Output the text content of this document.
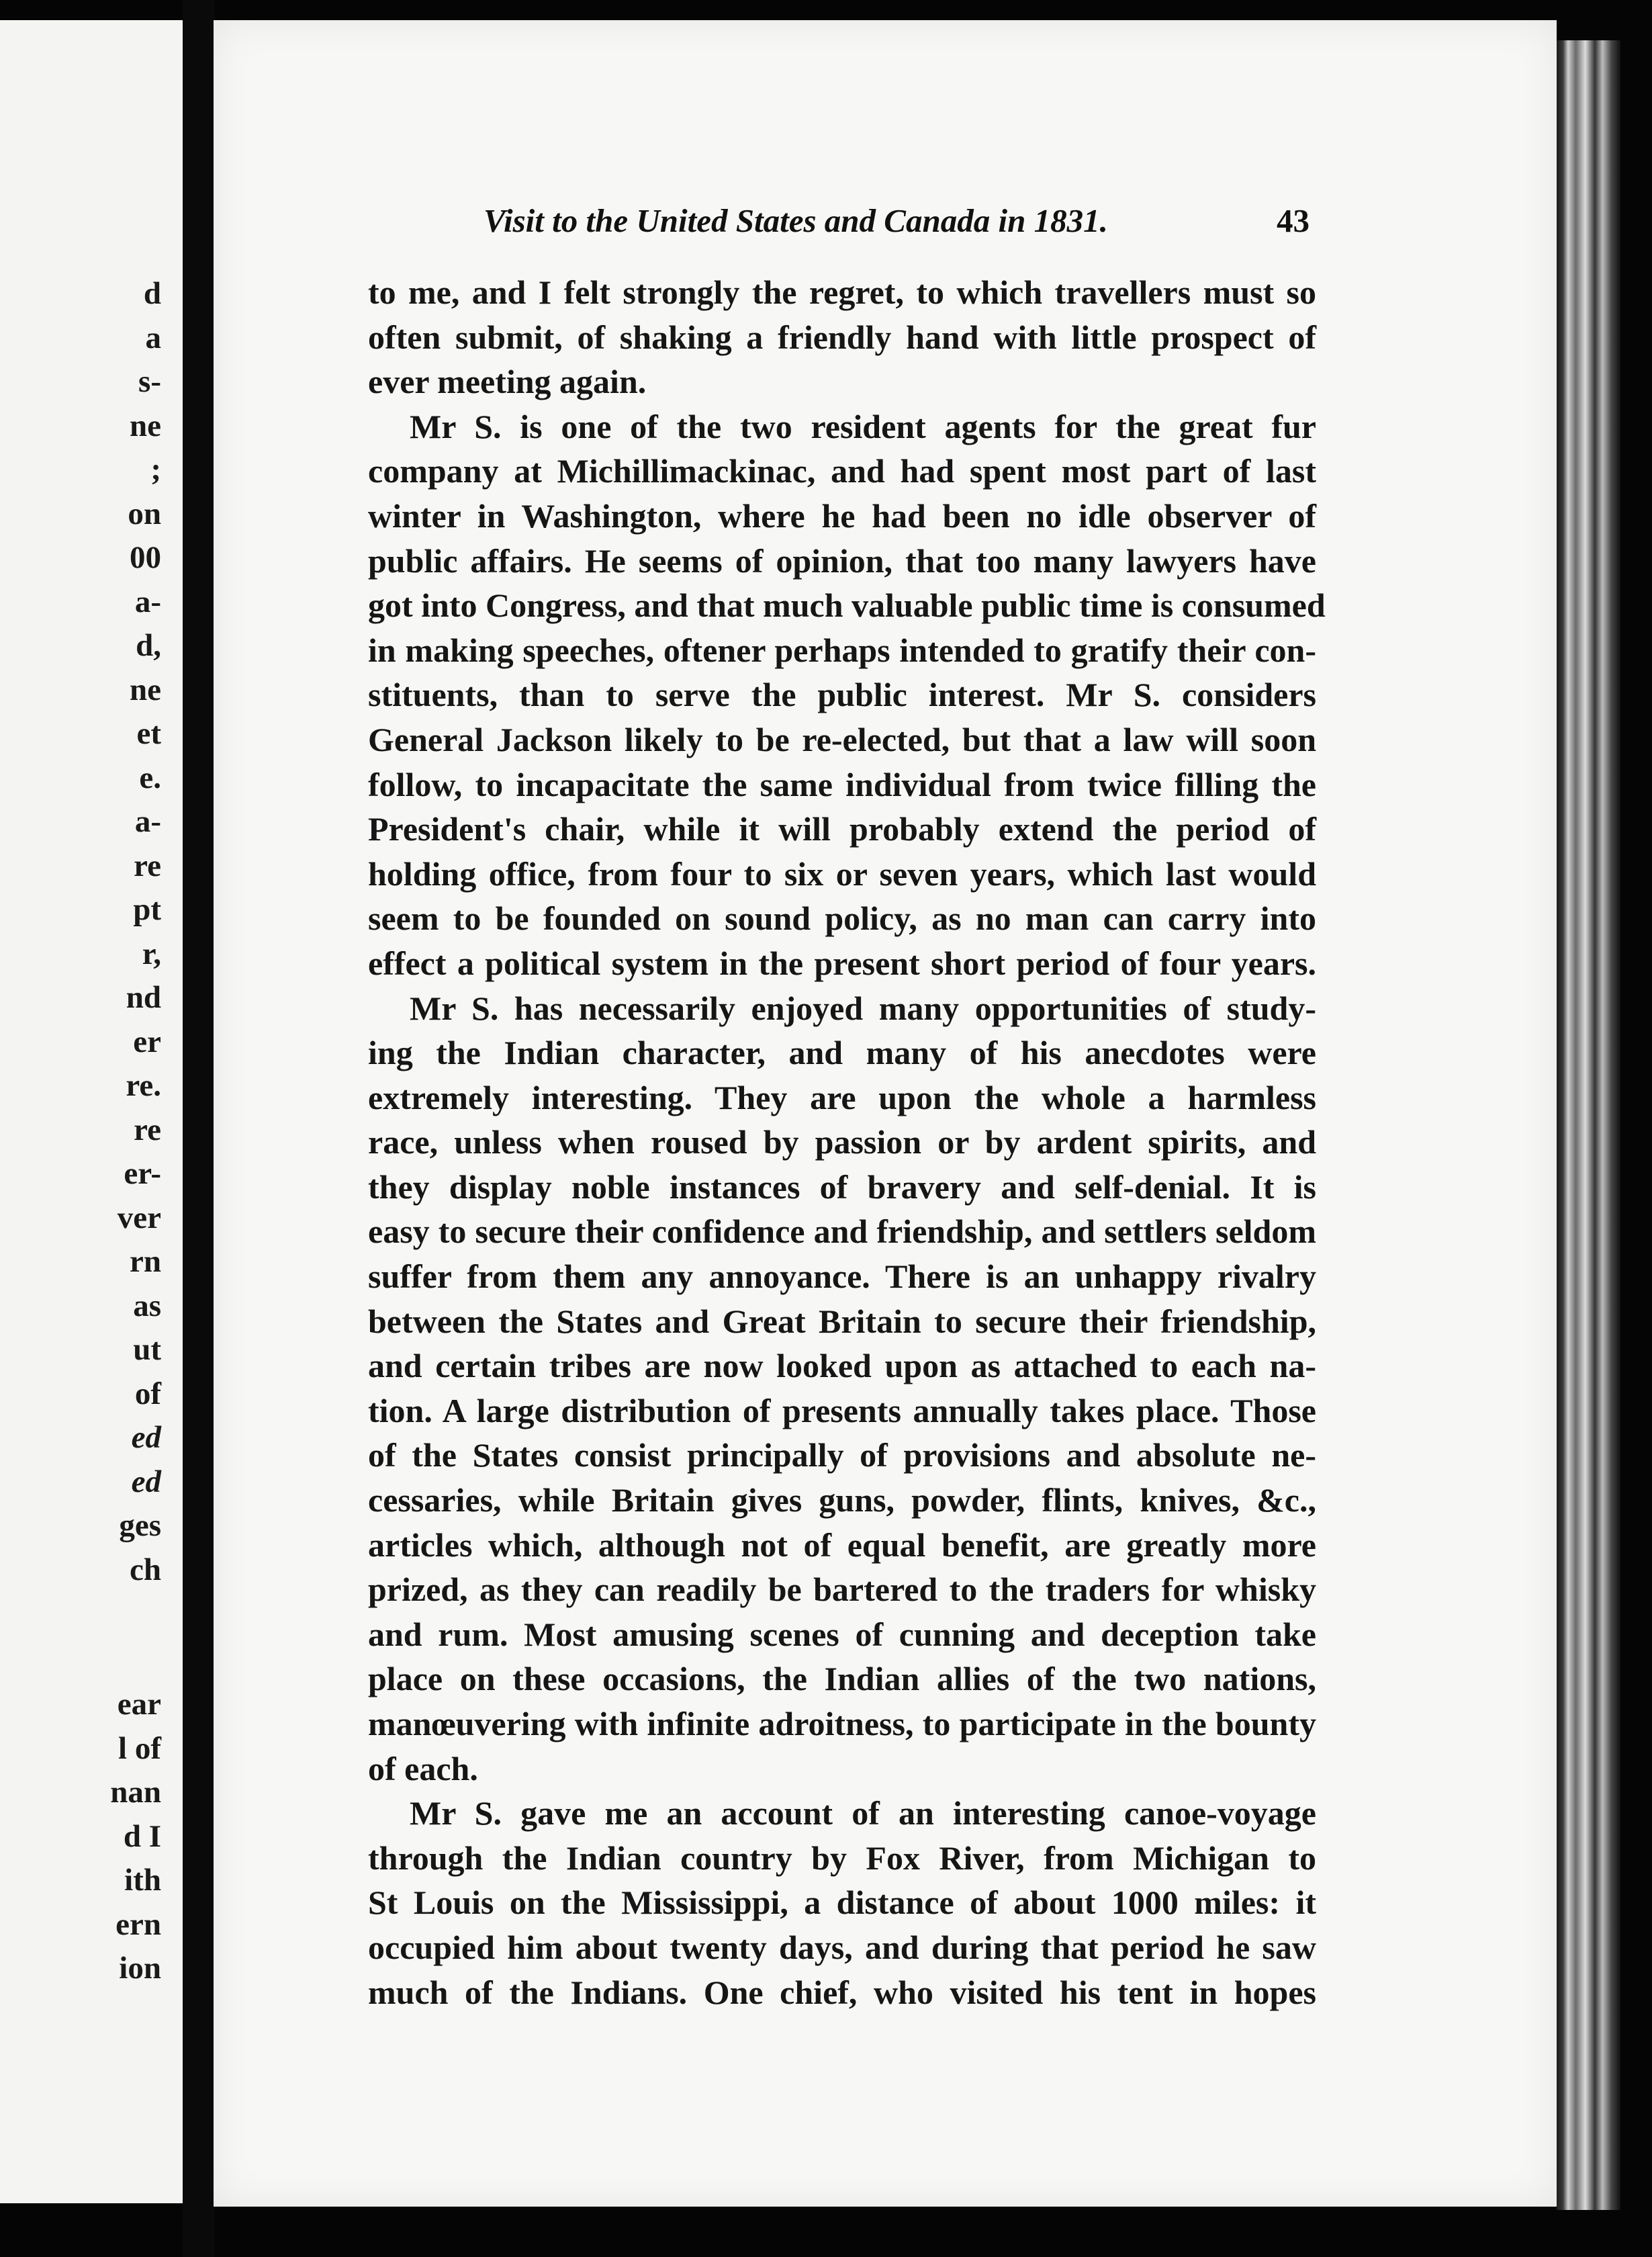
d
a
s-
ne
;
on
00
a-
d,
ne
et
e.
a-
re
pt
r,
nd
er
re.
re
er-
ver
rn
as
ut
of
ed
ed
ges
ch
ear
l of
nan
d I
ith
ern
ion
Visit to the United States and Canada in 1831.	43
to me, and I felt strongly the regret, to which travellers must so
often submit, of shaking a friendly hand with little prospect of
ever meeting again.
Mr S. is one of the two resident agents for the great fur
company at Michillimackinac, and had spent most part of last
winter in Washington, where he had been no idle observer of
public affairs. He seems of opinion, that too many lawyers have
got into Congress, and that much valuable public time is consumed
in making speeches, oftener perhaps intended to gratify their con-
stituents, than to serve the public interest. Mr S. considers
General Jackson likely to be re-elected, but that a law will soon
follow, to incapacitate the same individual from twice filling the
President's chair, while it will probably extend the period of
holding office, from four to six or seven years, which last would
seem to be founded on sound policy, as no man can carry into
effect a political system in the present short period of four years.
Mr S. has necessarily enjoyed many opportunities of study-
ing the Indian character, and many of his anecdotes were
extremely interesting. They are upon the whole a harmless
race, unless when roused by passion or by ardent spirits, and
they display noble instances of bravery and self-denial. It is
easy to secure their confidence and friendship, and settlers seldom
suffer from them any annoyance. There is an unhappy rivalry
between the States and Great Britain to secure their friendship,
and certain tribes are now looked upon as attached to each na-
tion. A large distribution of presents annually takes place. Those
of the States consist principally of provisions and absolute ne-
cessaries, while Britain gives guns, powder, flints, knives, &c.,
articles which, although not of equal benefit, are greatly more
prized, as they can readily be bartered to the traders for whisky
and rum. Most amusing scenes of cunning and deception take
place on these occasions, the Indian allies of the two nations,
manœuvering with infinite adroitness, to participate in the bounty
of each.
Mr S. gave me an account of an interesting canoe-voyage
through the Indian country by Fox River, from Michigan to
St Louis on the Mississippi, a distance of about 1000 miles: it
occupied him about twenty days, and during that period he saw
much of the Indians. One chief, who visited his tent in hopes
